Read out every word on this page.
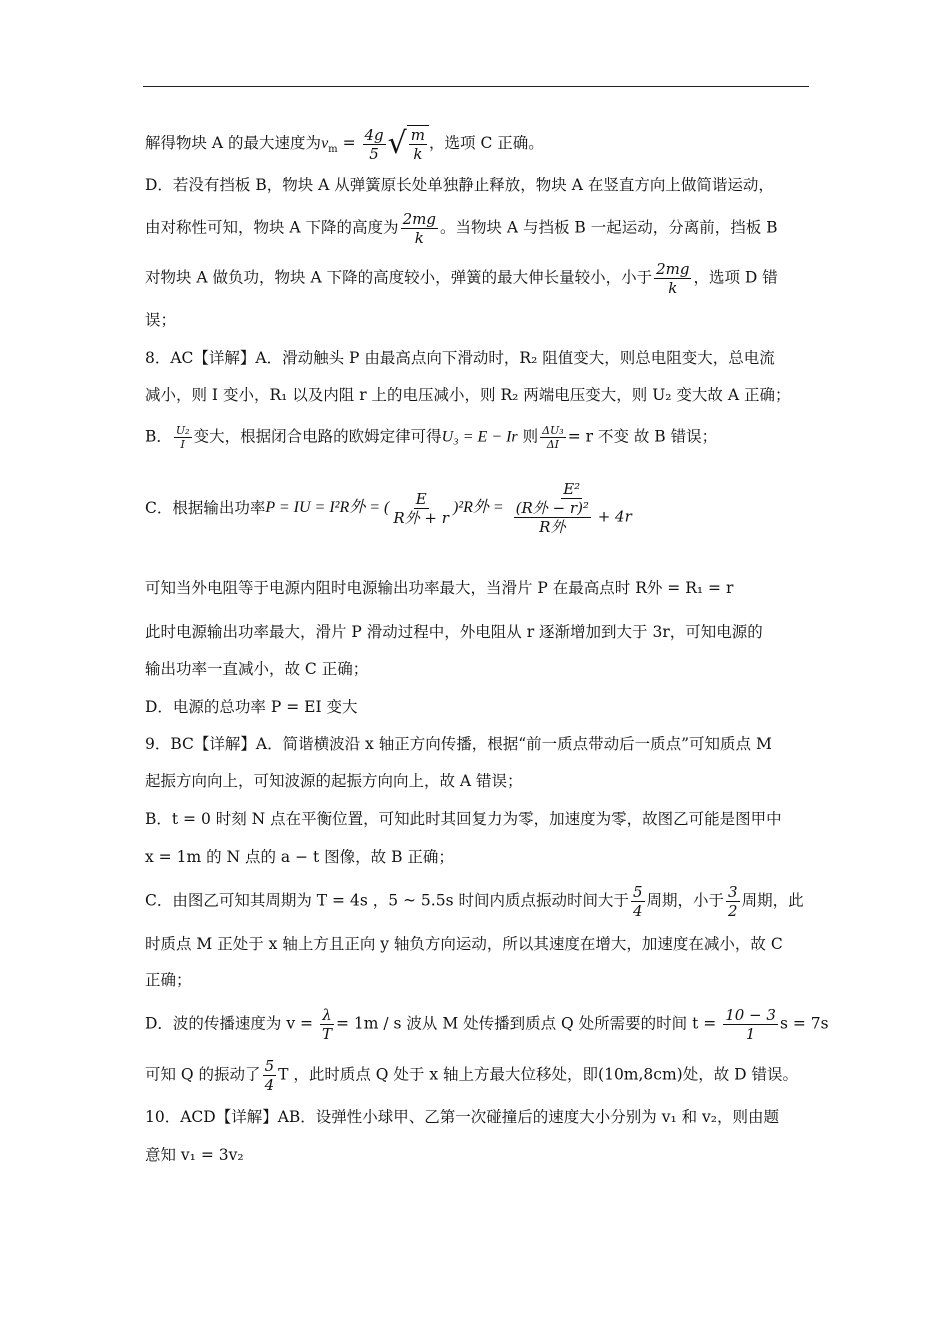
解得物块 A 的最大速度为$v_m = \frac{4g}{5}$ √ $\frac{m}{k}$ ，选项 C 正确。
D．若没有挡板 B，物块 A 从弹簧原长处单独静止释放，物块 A 在竖直方向上做简谐运动，
由对称性可知，物块 A 下降的高度为 $\frac{2mg}{k}$ 。当物块 A 与挡板 B 一起运动，分离前，挡板 B
对物块 A 做负功，物块 A 下降的高度较小，弹簧的最大伸长量较小，小于 $\frac{2mg}{k}$ ，选项 D 错
误；
8．AC【详解】A．滑动触头 P 由最高点向下滑动时，R₂ 阻值变大，则总电阻变大，总电流
减小，则 I 变小，R₁ 以及内阻 r 上的电压减小，则 R₂ 两端电压变大，则 U₂ 变大故 A 正确；
B． $\frac{\text{U₂}}{I}$ 变大，根据闭合电路的欧姆定律可得U₃ = E − Ir 则 $\frac{\text{ΔU₃}}{\Delta I} = r$ 不变 故 B 错误；
C．根据输出功率P = IU = I²R外 = ( $\frac{E}{\text{R外 + r}} )^2R$外 = $\frac{\text{E²}}{\frac{\text{(R外 − r)²}}{\text{R外}} + 4r}$
可知当外电阻等于电源内阻时电源输出功率最大，当滑片 P 在最高点时 R外 = R₁ = r
此时电源输出功率最大，滑片 P 滑动过程中，外电阻从 r 逐渐增加到大于 3r，可知电源的
输出功率一直减小，故 C 正确；
D．电源的总功率 P = EI 变大
9．BC【详解】A．简谐横波沿 x 轴正方向传播，根据“前一质点带动后一质点”可知质点 M
起振方向向上，可知波源的起振方向向上，故 A 错误；
B．t = 0 时刻 N 点在平衡位置，可知此时其回复力为零，加速度为零，故图乙可能是图甲中
x = 1m 的 N 点的 a − t 图像，故 B 正确；
C．由图乙可知其周期为 T = 4s ，5 ~ 5.5s 时间内质点振动时间大于 $\frac{5}{4}$ 周期，小于 $\frac{3}{2}$ 周期，此
时质点 M 正处于 x 轴上方且正向 y 轴负方向运动，所以其速度在增大，加速度在减小，故 C
正确；
D．波的传播速度为 $v = \frac{\lambda}{T} = 1m / s$ 波从 M 处传播到质点 Q 处所需要的时间 $t = \frac{10 - 3}{1}$ s = 7s
可知 Q 的振动了 $\frac{5}{4}$ T ，此时质点 Q 处于 x 轴上方最大位移处，即(10m,8cm)处，故 D 错误。
10．ACD【详解】AB．设弹性小球甲、乙第一次碰撞后的速度大小分别为 v₁ 和 v₂，则由题
意知 v₁ = 3v₂
